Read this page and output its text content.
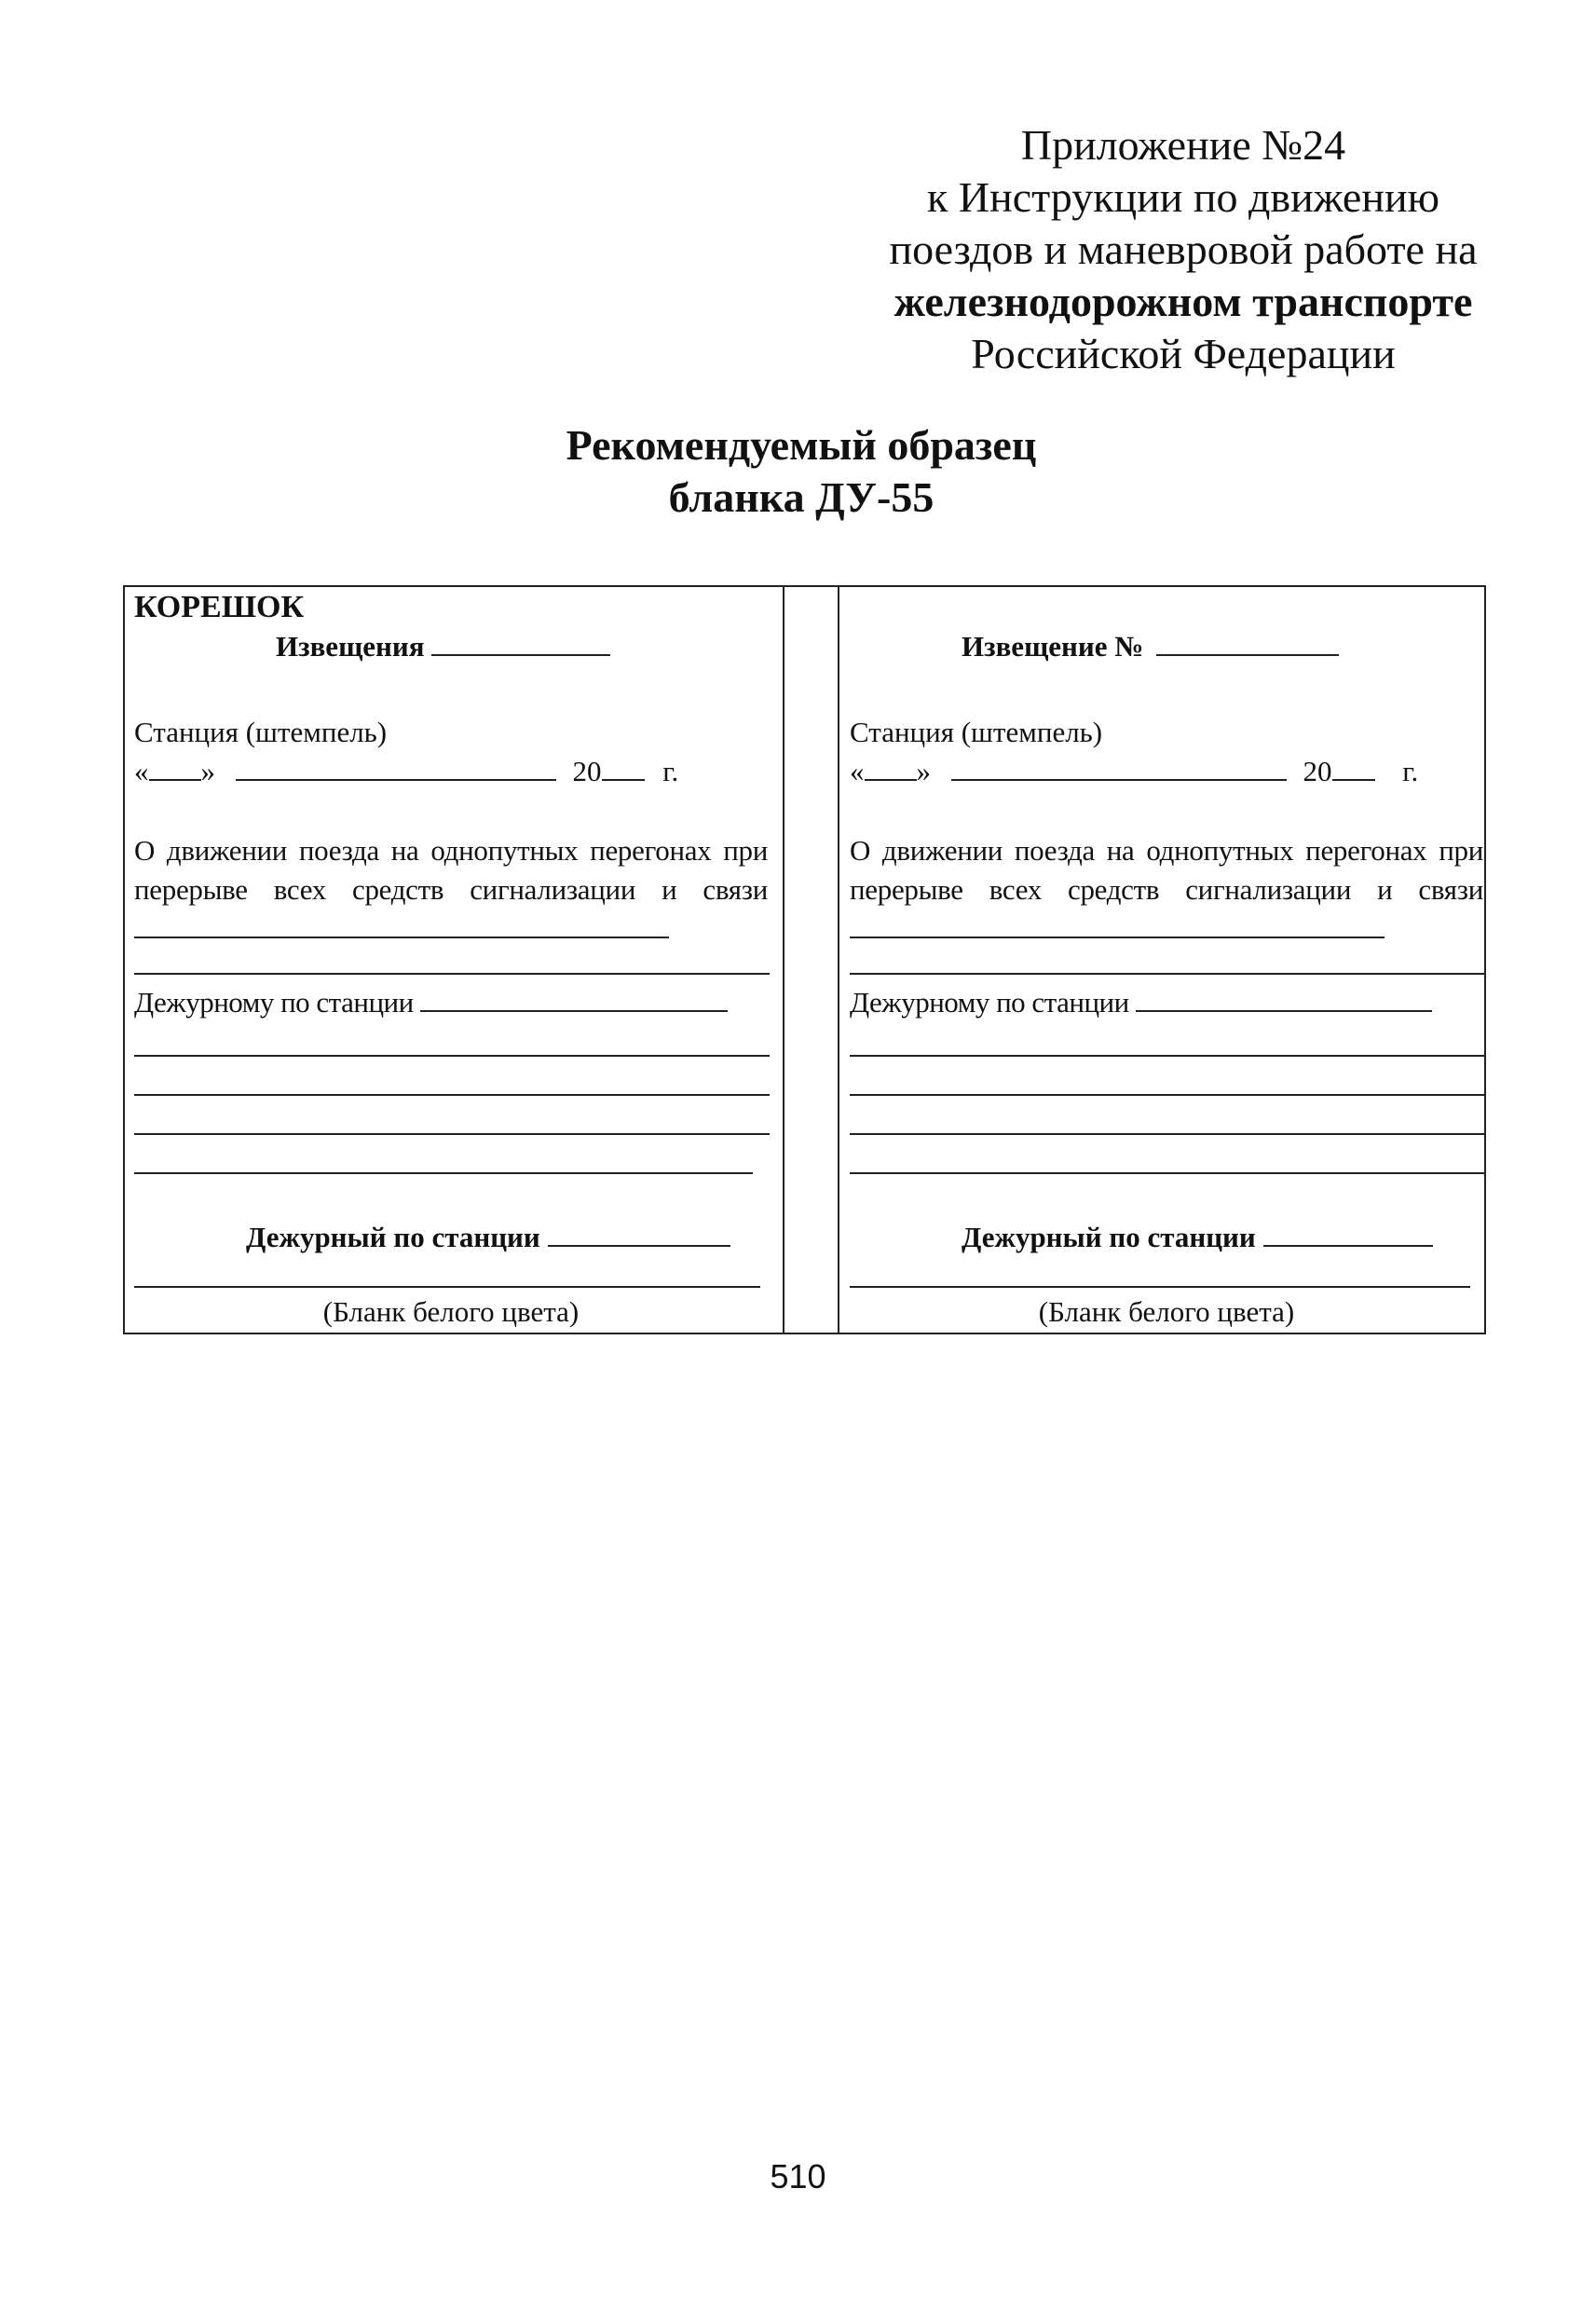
Приложение №24
к Инструкции по движению
поездов и маневровой работе на
железнодорожном транспорте
Российской Федерации
Рекомендуемый образец
бланка ДУ-55
КОРЕШОК
Извещения
Станция (штемпель)
« »	20 г.
О движении поезда на однопутных перегонах при перерыве всех средств сигнализации и связи
Дежурному по станции
Дежурный по станции
(Бланк белого цвета)
Извещение №
Станция (штемпель)
« »	20 г.
О движении поезда на однопутных перегонах при перерыве всех средств сигнализации и связи
Дежурному по станции
Дежурный по станции
(Бланк белого цвета)
510
